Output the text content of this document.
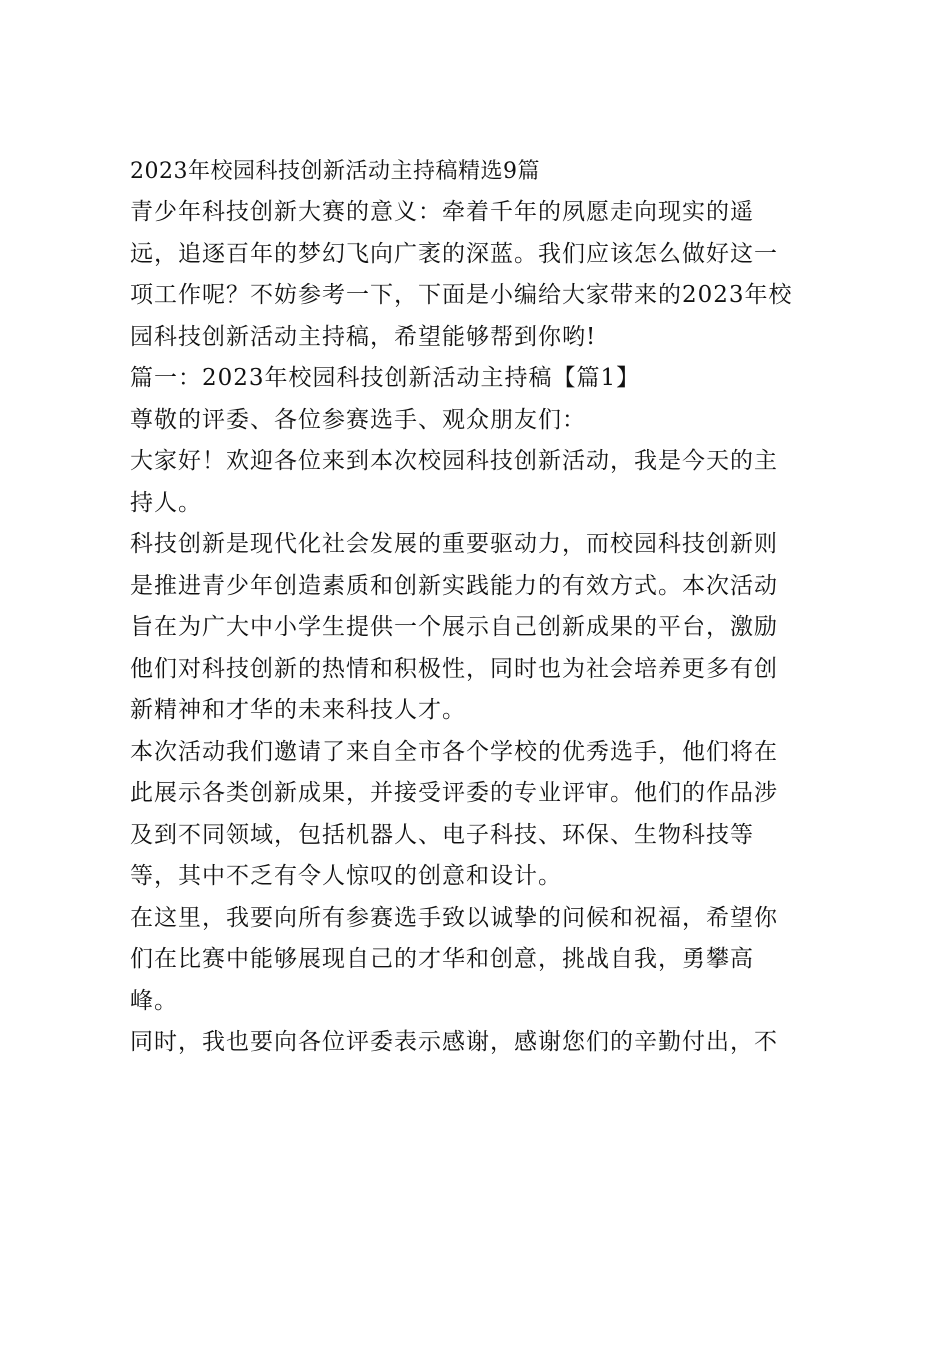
2023年校园科技创新活动主持稿精选9篇

青少年科技创新大赛的意义：牵着千年的夙愿走向现实的遥
远，追逐百年的梦幻飞向广袤的深蓝。我们应该怎么做好这一
项工作呢？不妨参考一下，下面是小编给大家带来的2023年校
园科技创新活动主持稿，希望能够帮到你哟!

篇一：2023年校园科技创新活动主持稿【篇1】

尊敬的评委、各位参赛选手、观众朋友们：

大家好！欢迎各位来到本次校园科技创新活动，我是今天的主
持人。

科技创新是现代化社会发展的重要驱动力，而校园科技创新则
是推进青少年创造素质和创新实践能力的有效方式。本次活动
旨在为广大中小学生提供一个展示自己创新成果的平台，激励
他们对科技创新的热情和积极性，同时也为社会培养更多有创
新精神和才华的未来科技人才。

本次活动我们邀请了来自全市各个学校的优秀选手，他们将在
此展示各类创新成果，并接受评委的专业评审。他们的作品涉
及到不同领域，包括机器人、电子科技、环保、生物科技等
等，其中不乏有令人惊叹的创意和设计。

在这里，我要向所有参赛选手致以诚挚的问候和祝福，希望你
们在比赛中能够展现自己的才华和创意，挑战自我，勇攀高
峰。

同时，我也要向各位评委表示感谢，感谢您们的辛勤付出，不
